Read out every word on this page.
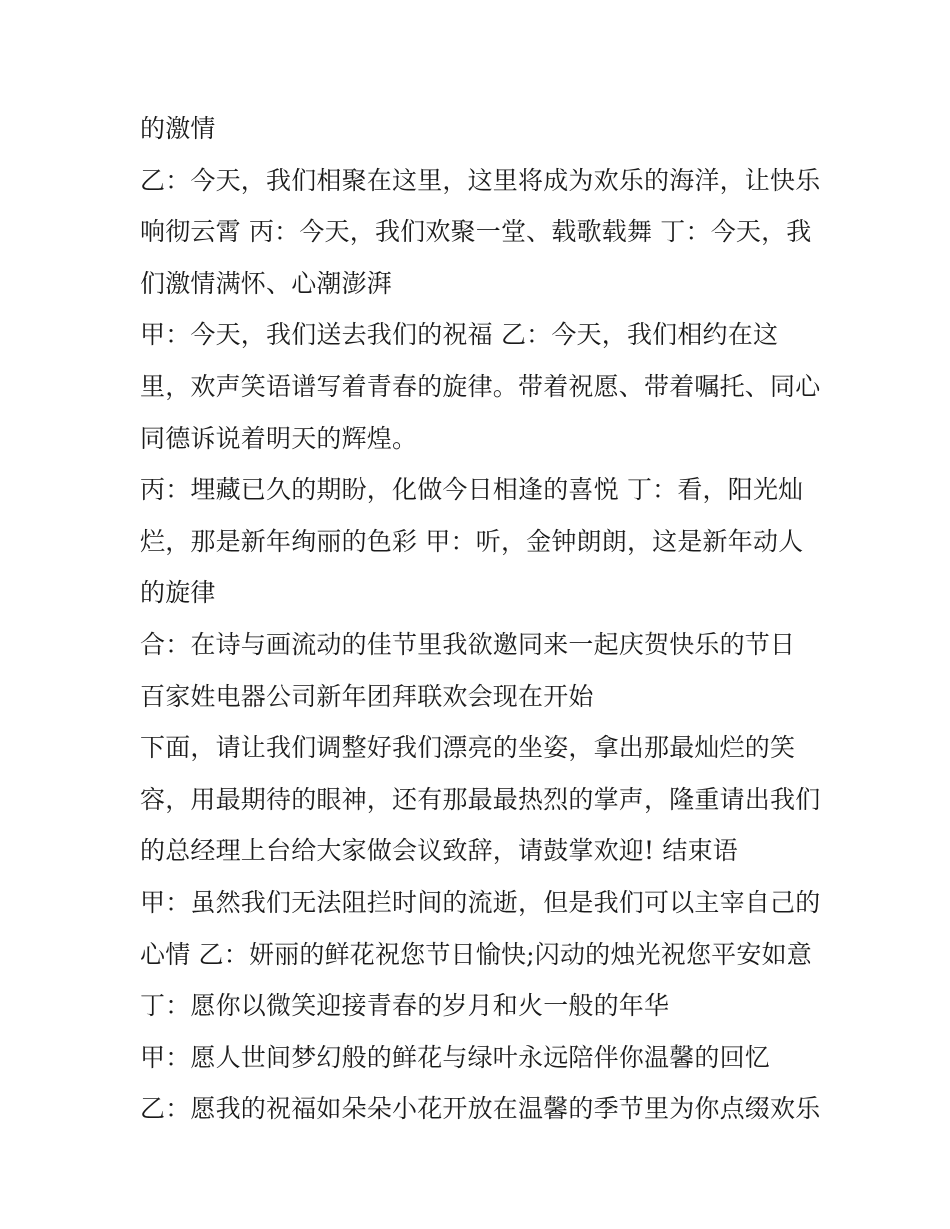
的激情
乙：今天，我们相聚在这里，这里将成为欢乐的海洋，让快乐
响彻云霄 丙：今天，我们欢聚一堂、载歌载舞 丁：今天，我
们激情满怀、心潮澎湃
甲：今天，我们送去我们的祝福 乙：今天，我们相约在这
里，欢声笑语谱写着青春的旋律。带着祝愿、带着嘱托、同心
同德诉说着明天的辉煌。
丙：埋藏已久的期盼，化做今日相逢的喜悦 丁：看，阳光灿
烂，那是新年绚丽的色彩 甲：听，金钟朗朗，这是新年动人
的旋律
合：在诗与画流动的佳节里我欲邀同来一起庆贺快乐的节日
百家姓电器公司新年团拜联欢会现在开始
下面，请让我们调整好我们漂亮的坐姿，拿出那最灿烂的笑
容，用最期待的眼神，还有那最最热烈的掌声，隆重请出我们
的总经理上台给大家做会议致辞，请鼓掌欢迎! 结束语
甲：虽然我们无法阻拦时间的流逝，但是我们可以主宰自己的
心情 乙：妍丽的鲜花祝您节日愉快;闪动的烛光祝您平安如意
丁：愿你以微笑迎接青春的岁月和火一般的年华
甲：愿人世间梦幻般的鲜花与绿叶永远陪伴你温馨的回忆
乙：愿我的祝福如朵朵小花开放在温馨的季节里为你点缀欢乐
